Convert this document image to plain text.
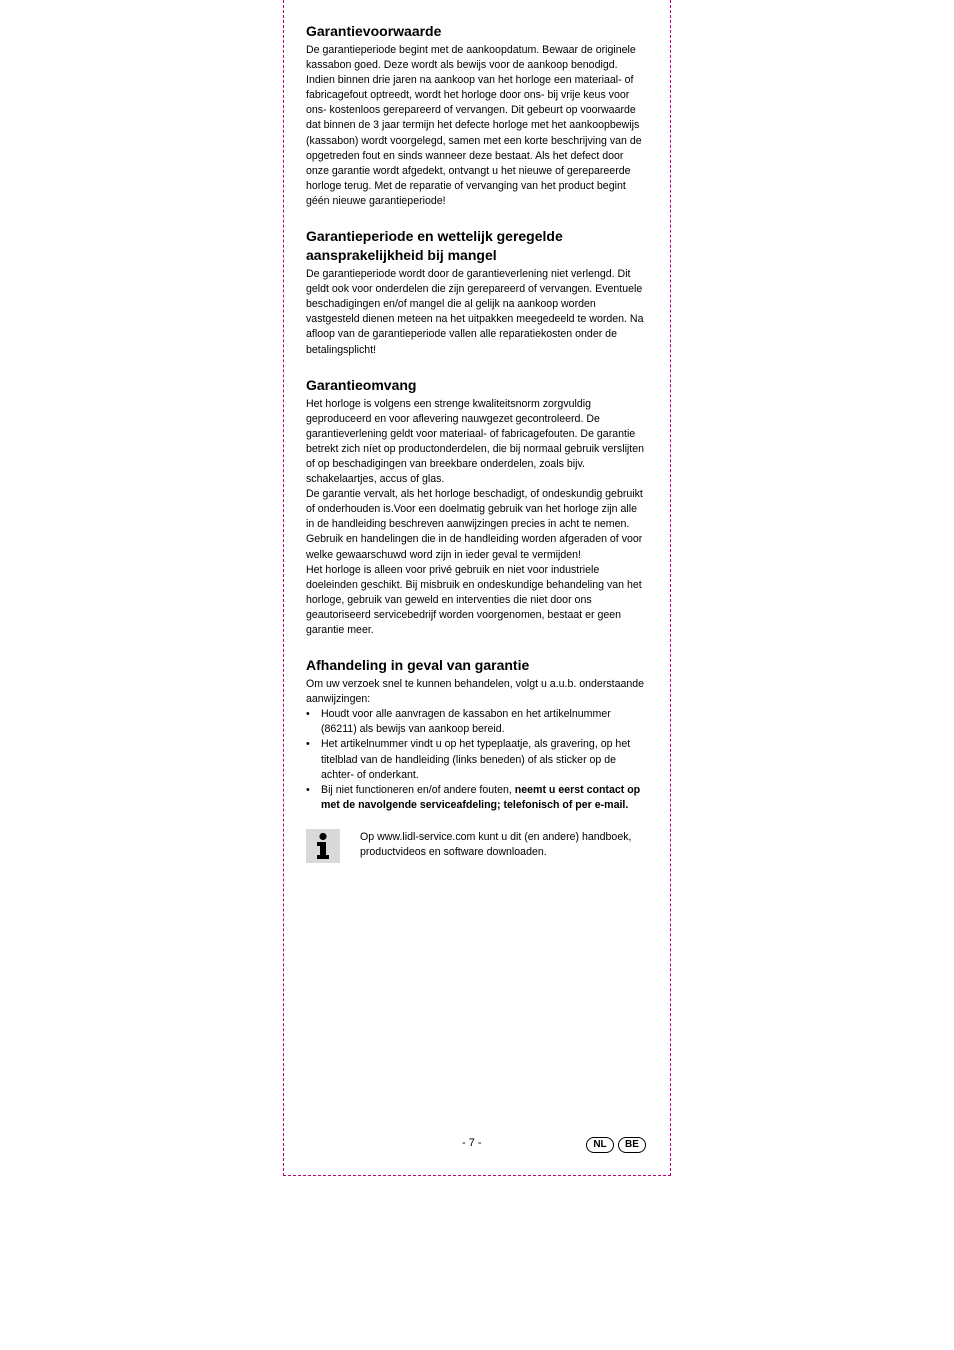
Garantievoorwaarde

De garantieperiode begint met de aankoopdatum. Bewaar de originele kassabon goed. Deze wordt als bewijs voor de aankoop benodigd. Indien binnen drie jaren na aankoop van het horloge een materiaal- of fabricagefout optreedt, wordt het horloge door ons- bij vrije keus voor ons- kostenloos gerepareerd of vervangen. Dit gebeurt op voorwaarde dat binnen de 3 jaar termijn het defecte horloge met het aankoopbewijs (kassabon) wordt voorgelegd, samen met een korte beschrijving van de opgetreden fout en sinds wanneer deze bestaat. Als het defect door onze garantie wordt afgedekt, ontvangt u het nieuwe of gerepareerde horloge terug. Met de reparatie of vervanging van het product begint géén nieuwe garantieperiode!

Garantieperiode en wettelijk geregelde aansprakelijkheid bij mangel

De garantieperiode wordt door de garantieverlening niet verlengd. Dit geldt ook voor onderdelen die zijn gerepareerd of vervangen. Eventuele beschadigingen en/of mangel die al gelijk na aankoop worden vastgesteld dienen meteen na het uitpakken meegedeeld te worden. Na afloop van de garantieperiode vallen alle reparatiekosten onder de betalingsplicht!

Garantieomvang

Het horloge is volgens een strenge kwaliteitsnorm zorgvuldig geproduceerd en voor aflevering nauwgezet gecontroleerd. De garantieverlening geldt voor materiaal- of fabricagefouten. De garantie betrekt zich níet op productonderdelen, die bij normaal gebruik verslijten of op beschadigingen van breekbare onderdelen, zoals bijv. schakelaartjes, accus of glas.

De garantie vervalt, als het horloge beschadigt, of ondeskundig gebruikt of onderhouden is.Voor een doelmatig gebruik van het horloge zijn alle in de handleiding beschreven aanwijzingen precies in acht te nemen. Gebruik en handelingen die in de handleiding worden afgeraden of voor welke gewaarschuwd word zijn in ieder geval te vermijden!

Het horloge is alleen voor privé gebruik en niet voor industriele doeleinden geschikt. Bij misbruik en ondeskundige behandeling van het horloge, gebruik van geweld en interventies die niet door ons geautoriseerd servicebedrijf worden voorgenomen, bestaat er geen garantie meer.

Afhandeling in geval van garantie

Om uw verzoek snel te kunnen behandelen, volgt u a.u.b. onderstaande aanwijzingen:

• Houdt voor alle aanvragen de kassabon en het artikelnummer (86211) als bewijs van aankoop bereid.
• Het artikelnummer vindt u op het typeplaatje, als gravering, op het titelblad van de handleiding (links beneden) of als sticker op de achter- of onderkant.
• Bij niet functioneren en/of andere fouten, neemt u eerst contact op met de navolgende serviceafdeling; telefonisch of per e-mail.
Op www.lidl-service.com kunt u dit (en andere) handboek, productvideos en software downloaden.
- 7 -	NL	BE
